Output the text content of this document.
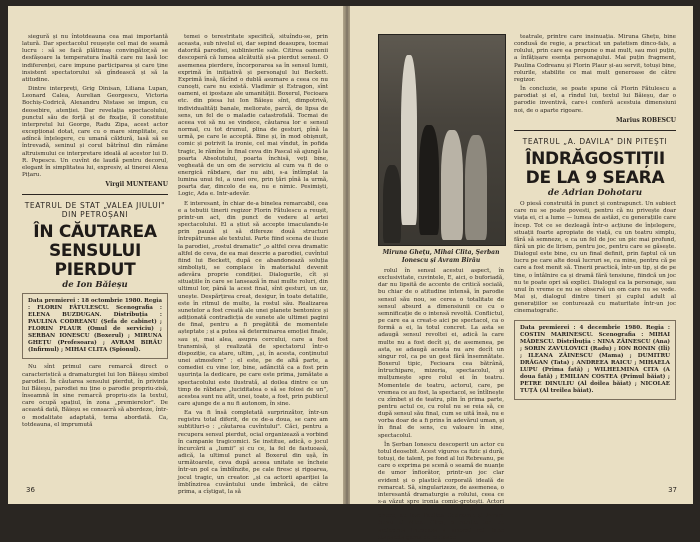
siegură și nu întotdeauna cea mai importantă latură. Dar spectacolul reușește cel mai de seamă lucru : să se facă plătimaș convingător,să se desfășoare la temperatura înaltă care nu lasă loc indiferenței, care impune participarea și care ține insistent spectatorului să gîndească și să la atitudine.

Dintre interpreți, Grig Dinisan, Liliana Lupan, Leonard Calea, Aurelian Georgescu, Victoria Bochiș-Codrică, Alexandru Nistase se impun, cu deosebire, atenției. Dar revelația spectacolului, punctul său de forță și de fixație, îl constituie interpretul lui George, Radu Zipa, acest actor excepțional dotat, care cu o mare simplitate, cu adîncă înțelegere, cu umană căldură, lasă să se întrevadă, seninul și corul bătrînul din rămâne altruismului ce interpretare ideală al acestor lui D. R. Popescu. Un cuvînt de laudă pentru decorul, elegant în simplitatea lui, expresiv, al tinerei Alexa Pițaru.

Virgil MUNTEANU
TEATRUL DE STAT „VALEA JIULUI" DIN PETROȘANI
ÎN CĂUTAREA SENSULUI PIERDUT
de Ion Băieșu
Data premierei : 18 octombrie 1980. Regia : FLORIN FĂTULESCU. Scenografia : ELENA BUZDUGAN. Distribuția : PAULINA CODREANU (Șefa de cabinet) ; FLORIN PLAUR (Omul de serviciu) ; SERBAN IONESCU (Boxerul) ; MIRUNA GHEȚU (Profesoara) ; AVRAM BIRĂU (Infirmul) ; MIHAI CLITA (Spionul).

Nu sînt primul care remarcă direct o caracteristică a dramaturgiei lui Ion Băieșu simbol parodiei. În căutarea sensului pierdut, în privința lui Băieșu, parodiei nu ține o parodie propriu-zisă, înseamnă în sine remarcă propriu-zis la textul, care ocupă spațiul, în zona „premierelor". De această dată, Băieșu se consacră să abordeze, într-o modalitate adaptată, tema abordată. Ca, totdeauna, el imprumută

temei o terestritate specifică, situîndu-se, prin aceasta, sub nivelul ei, dar sepind deasupra, tocmai datorită parodiei, sublinierile sale. Citirea oamenii descoperă că lumea alcătuită și-a pierdut sensul. O asemenea pierdere, încorporarea sa în sensul lumii, exprimă în inițiativă și personajul lui Beckett. Exprimă însă, făcînd o dublă asumare a ceea ce nu cunoști, care nu există. Vladimir și Estragon, sînt oameni, ei ipostaze ale umanității. Boxerul, Fecioara etc. din piesa lui Ion Băieșu sînt, dimpotrivă, individualități banale, meliorate, parcă, de lipsa de sens, un fel de o maladie catastrofală. Tocmai de aceea voi să nu se vindece, căutarea lor e sensul normal, cu tot drumul, plina de gesturi, pînă la urmă, pe care le acceptă. Bine și, în mod obișnuit, comic și potrivit la ironie, cel mai vîndut, în pofida tragic, le rămîne în final ceva din Pascal să ajungă la poarta Absolutului, poarta închisă, veți bine, vegheată de un om de serviciu al cum va fi de o energică răbdare, dar nu aibi, s-a întîmplat la lumina unui fel, a unei ore, prin țări pînă la urmă, poarta dar, dincolo de ea, nu e nimic. Pesimiști, Logic, Ada e. Intr-adevăr.

E interesant, în chiar de-a binelea remarcabil, cea e a tebutii tinerii regizor Florin Fătulescu a reușit, printr-un act, din punct de vedere al artei spectacolului. El a știut să accepte imaculandu-le prin pauză și să difereze două structuri întrepătrunse ale textului. Parte fiind scena de iluzie la parodiei, „rostul dramatic" „o altfel ceva dramatic altfel de ceva, de ea mai descrie a parodiei, cuvîntul fiind lui Beckett, după ce abandonează soluția simboliști, se complace în materialul devenit adevăra proprie condiției. Dialogurile, cît și situațiile în care se lansează în mai multe roluri, din ultimul lor, până la acest final, sînt gesturi, un uz, unește. Despărțirea creat, desigur, în toate detaliile, este în ritmul de multe, la rostul său. Realizarea sunetelor a fost creată ale unei planete bentonice și adiționată contradicția de sunete ale ultimei pagini de final, pentru a fi pregătită de momentele așteptate ; și a putea să determinarea emoției finale, sau și, mai alea, asupra cercului, care a fost transmisă, și realizată de spectatorul într-o dispoziție, ca atare, ultim, „și, în acesta, conținutul unei atmosfere” ; el este, pe de altă parte, a comediei cu vine lor, bine, adâncită ca a fost prin ușurința la dedicare, pe care este prima, jumătate a spectacolului este ilustrată, al doilea dintre ce un timp de răbdare „luciditatea o să se folosi de un”, acestea sunt nu atît, unei, toate, a fost, prin publicul care ajunge de a nu fi autonom, în sine.

Ea va fi însă completată surprinzător, într-un registru total diferit, de ce de-a doua, se care am subtitluri-o : „căutarea cuvîntului". Căci, pentru a recupera sensul pierdut, ocial organizează a vorbind în campanie tragicomici. Se institue, adică, o jocul încurcării a „lumii” și cu ce, la fel de fastuoasă, adică, la ultimul punct al Boxerul din ușă, în următoarele, ceva după aceea unitate se încheie într-un pol ca îmblînzite, pe cale firesc și rigoarea, jocul tragic, un creator. „și ca actorii apariției la îmblînzirea cuvântului unde îmbrăcă, de câtre prima, a cîștigat, la să

36
Miruna Ghețu, Mihai Clita, Șerban Ionescu și Avram Birău

rolul în sensul acestui aspect, în exclusivitate, cuvintele, E, aici, o buforiadă, dar nu lipsită de accente de critică socială, bu chiar de o atitudine intensă, în parodie sensul său nou, se cerea o totalitate de sensul absurd a dimensiunii ce cu o semnificație de o intensă revoltă. Conflictul, pe care ea a creat-o aici pe spectacol, ca o formă a ei, la totul concret. La asta se adaugă sensul revoltei ei, adică la care multe nu a fost decît și, de asemenea, pe asta, se adaugă acesta nu are decît un singur rol, ca pe un gest fără însemnătate. Boxerul tipic, Fecioara cea bătrână, întruchipare, mizeria, spectacolul, și mulțumește spre rolul ei în teatru. Momentele de teatru, actorul, care, pe vremea ce au fost, la spectacol, se întîlnește cu zîmbet și de teatru, plin în prima parte, pentru actul ce, cu rolul nu se reia să, ce după sensul său final, cum se uită însă, nu e vorba doar de a fi prins în adevărul uman, și în final de sens, cu valoare în sine, spectacolul.

În Șerban Ionescu descoperit un actor cu totul deosebit. Acest viguros ca fizic și dură, totuși, de talent, pe fond al lui Rebreanu, pe care o exprima pe scenă o seamă de nuanțe de umor înfiorător, printr-un joc clar evident și o plastică corporală ideală de remarcat. Să, singularizeze, de asemenea, o interesantă dramaturgie a rolului, ceea ce s-a văzut spre ironia comic-grotești. Actori care ar face cinste oricărei trupe mai ales tinere, au fost Paulina Codreanu și Avram Birău și Mihai Clita, o rolului lor, cu amintirea frumoasă a acestei rol, bine stăpânită gama de mijloace

teatrale, printre care insinuația. Miruna Ghețu, bine condusă de regie, a practicat un patetism dinco-fals, a rolului, prin care ea propune o mai mult, sau moi puțin, a înfățișare esența personajului. Mai puțin fragment, Paulina Codreanu și Florin Plaur și-au servit, totuși bine, rolurile, stabilite ce mai mult generoase de către regizor.

În concluzie, se poate spune că Florin Fătulescu a parodiat și el, a rîndul lui, textul lui Băieșu, dar o parodie inventivă, care-i conferă acestuia dimensiuni noi, de o aparte rigoare.

Marius ROBESCU
TEATRUL „A. DAVILA" DIN PITEȘTI
ÎNDRĂGOSTIȚII DE LA 9 SEARA
de Adrian Dohotaru

O piesă construită în punct și contrapunct. Un subiect care nu se poate povesti, pentru că nu privește doar viața ei, ci a lume — lumea de astăzi, cu generațiile care încep. Tot ce se dezleagă într-o acțiune de înțelegere, situații foarte apropiate de viață, cu un teatru simplu, fără să semneze, e ca un fel de joc un pic mai profund, fără un pic de lirism, pentru joc, pentru care se găsește. Dialogul este bine, cu un final definit, prin faptul că un lucru pe care alte două lucruri se, ca mine, pentru că pe care a fost menit să. Tinerii practică, într-un tip, și de pe tine, o întâlnire ca și dramă fără tensiune, fiindcă un joc nu te poate opri să explici. Dialogul ca la personaje, sau unul în vreme ce nu se observă un om care nu se vede. Mai și, dialogul dintre tineri și cuplul adult al generațiilor se conturează cu maturitate într-un joc cinematografic.

Data premierei : 4 decembrie 1980. Regia : COSTIN MARINESCU. Scenografia : MIHAI MĂDESCU. Distribuția : NINA ZĂINESCU (Ana) ; SORIN ZAVULOVICI (Radu) ; ION RONIN (Ili) ; ILEANA ZĂINESCU (Mama) ; DUMITRU DRĂGAN (Tata) ; ANDREEA RAICU ; MIHAELA LUPU (Prima fată) ; WILHELMINA CITA (A doua fată) ; EMILIAN COSTEA (Primul băiat) ; PETRE DINULIU (Al doilea băiat) ; NICOLAE TUȚĂ (Al treilea băiat).
37
